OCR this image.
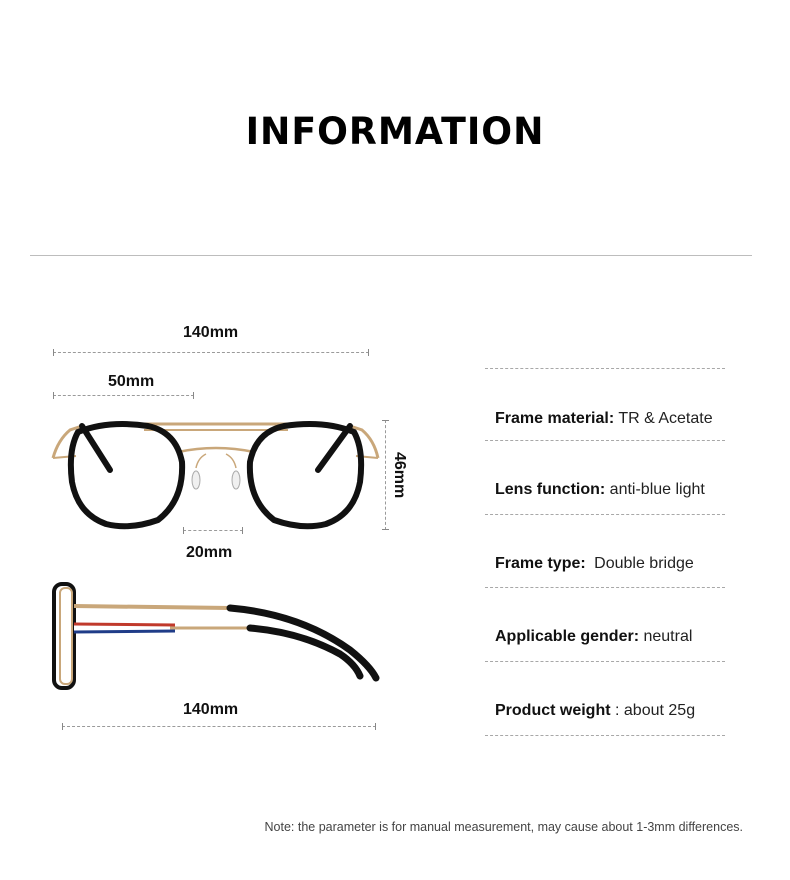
INFORMATION
140mm
50mm
46mm
20mm
140mm
Frame material: TR & Acetate
Lens function: anti-blue light
Frame type: Double bridge
Applicable gender: neutral
Product weight : about 25g
Note: the parameter is for manual measurement, may cause about 1-3mm differences.
